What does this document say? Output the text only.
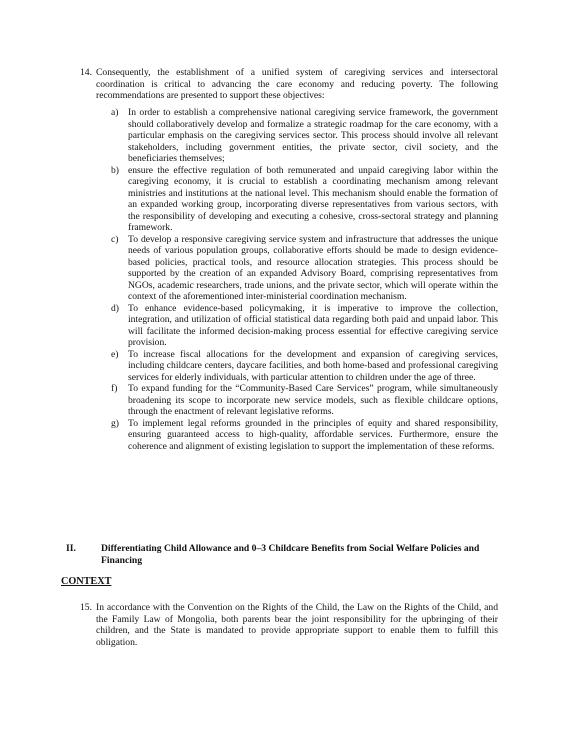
14. Consequently, the establishment of a unified system of caregiving services and intersectoral coordination is critical to advancing the care economy and reducing poverty. The following recommendations are presented to support these objectives:

a) In order to establish a comprehensive national caregiving service framework, the government should collaboratively develop and formalize a strategic roadmap for the care economy, with a particular emphasis on the caregiving services sector. This process should involve all relevant stakeholders, including government entities, the private sector, civil society, and the beneficiaries themselves;
b) ensure the effective regulation of both remunerated and unpaid caregiving labor within the caregiving economy, it is crucial to establish a coordinating mechanism among relevant ministries and institutions at the national level. This mechanism should enable the formation of an expanded working group, incorporating diverse representatives from various sectors, with the responsibility of developing and executing a cohesive, cross-sectoral strategy and planning framework.
c) To develop a responsive caregiving service system and infrastructure that addresses the unique needs of various population groups, collaborative efforts should be made to design evidence-based policies, practical tools, and resource allocation strategies. This process should be supported by the creation of an expanded Advisory Board, comprising representatives from NGOs, academic researchers, trade unions, and the private sector, which will operate within the context of the aforementioned inter-ministerial coordination mechanism.
d) To enhance evidence-based policymaking, it is imperative to improve the collection, integration, and utilization of official statistical data regarding both paid and unpaid labor. This will facilitate the informed decision-making process essential for effective caregiving service provision.
e) To increase fiscal allocations for the development and expansion of caregiving services, including childcare centers, daycare facilities, and both home-based and professional caregiving services for elderly individuals, with particular attention to children under the age of three.
f) To expand funding for the “Community-Based Care Services” program, while simultaneously broadening its scope to incorporate new service models, such as flexible childcare options, through the enactment of relevant legislative reforms.
g) To implement legal reforms grounded in the principles of equity and shared responsibility, ensuring guaranteed access to high-quality, affordable services. Furthermore, ensure the coherence and alignment of existing legislation to support the implementation of these reforms.
II.	Differentiating Child Allowance and 0–3 Childcare Benefits from Social Welfare Policies and Financing
CONTEXT
15. In accordance with the Convention on the Rights of the Child, the Law on the Rights of the Child, and the Family Law of Mongolia, both parents bear the joint responsibility for the upbringing of their children, and the State is mandated to provide appropriate support to enable them to fulfill this obligation.
